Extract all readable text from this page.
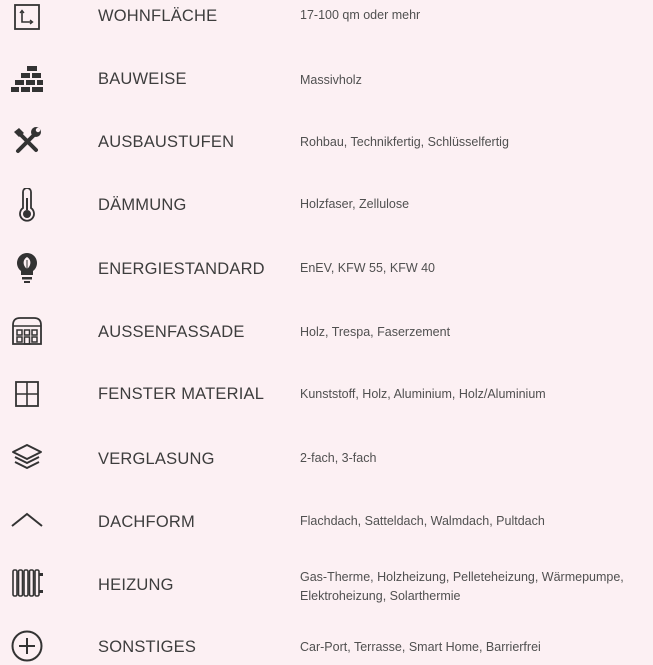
WOHNFLÄCHE	17-100 qm oder mehr
BAUWEISE	Massivholz
AUSBAUSTUFEN	Rohbau, Technikfertig, Schlüsselfertig
DÄMMUNG	Holzfaser, Zellulose
ENERGIESTANDARD	EnEV, KFW 55, KFW 40
AUSSENFASSADE	Holz, Trespa, Faserzement
FENSTER MATERIAL	Kunststoff, Holz, Aluminium, Holz/Aluminium
VERGLASUNG	2-fach, 3-fach
DACHFORM	Flachdach, Satteldach, Walmdach, Pultdach
HEIZUNG	Gas-Therme, Holzheizung, Pelleteheizung, Wärmepumpe, Elektroheizung, Solarthermie
SONSTIGES	Car-Port, Terrasse, Smart Home, Barrierfrei
